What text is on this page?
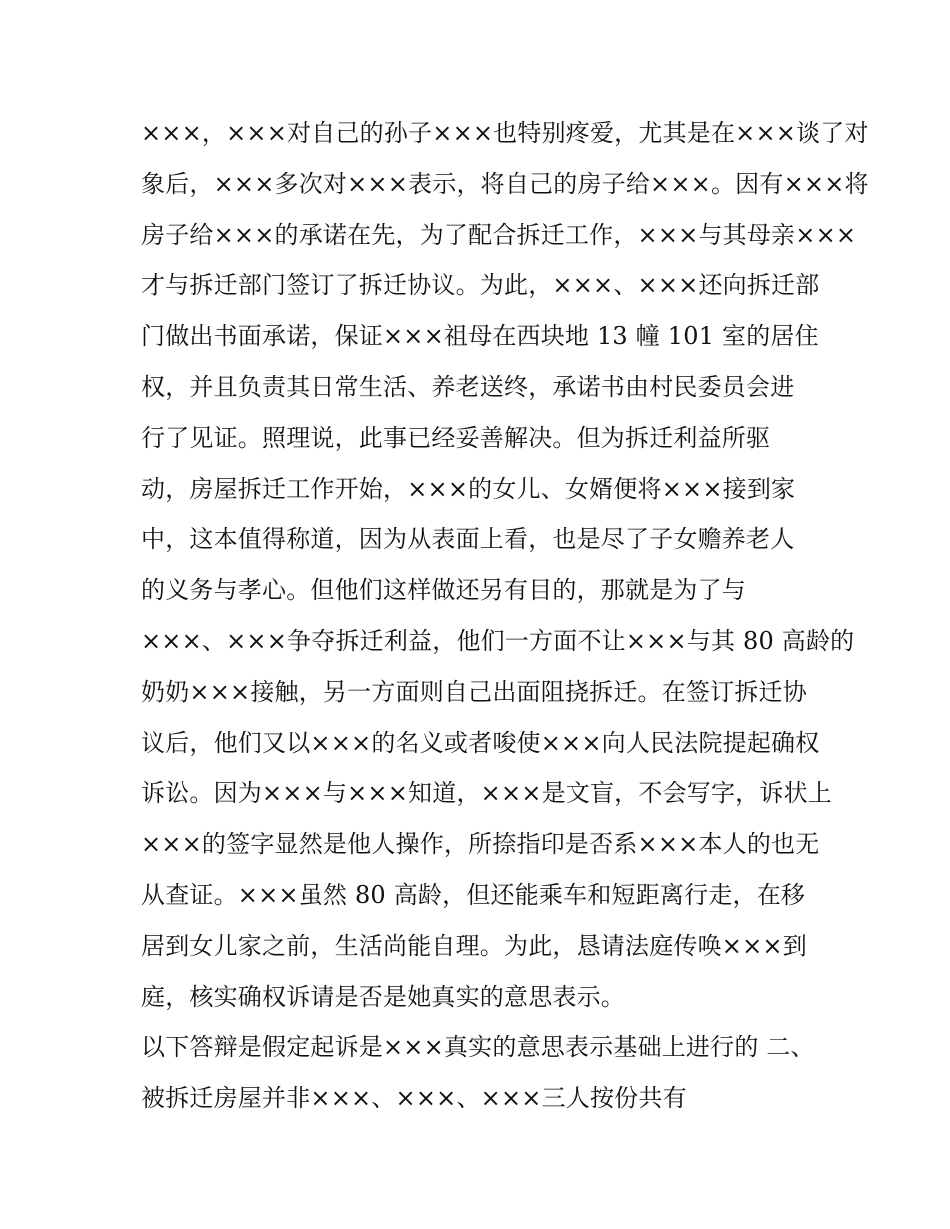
×××，×××对自己的孙子×××也特别疼爱，尤其是在×××谈了对
象后，×××多次对×××表示，将自己的房子给×××。因有×××将
房子给×××的承诺在先，为了配合拆迁工作，×××与其母亲×××
才与拆迁部门签订了拆迁协议。为此，×××、×××还向拆迁部
门做出书面承诺，保证×××祖母在西块地 13 幢 101 室的居住
权，并且负责其日常生活、养老送终，承诺书由村民委员会进
行了见证。照理说，此事已经妥善解决。但为拆迁利益所驱
动，房屋拆迁工作开始，×××的女儿、女婿便将×××接到家
中，这本值得称道，因为从表面上看，也是尽了子女赡养老人
的义务与孝心。但他们这样做还另有目的，那就是为了与
×××、×××争夺拆迁利益，他们一方面不让×××与其 80 高龄的
奶奶×××接触，另一方面则自己出面阻挠拆迁。在签订拆迁协
议后，他们又以×××的名义或者唆使×××向人民法院提起确权
诉讼。因为×××与×××知道，×××是文盲，不会写字，诉状上
×××的签字显然是他人操作，所捺指印是否系×××本人的也无
从查证。×××虽然 80 高龄，但还能乘车和短距离行走，在移
居到女儿家之前，生活尚能自理。为此，恳请法庭传唤×××到
庭，核实确权诉请是否是她真实的意思表示。
以下答辩是假定起诉是×××真实的意思表示基础上进行的 二、
被拆迁房屋并非×××、×××、×××三人按份共有
